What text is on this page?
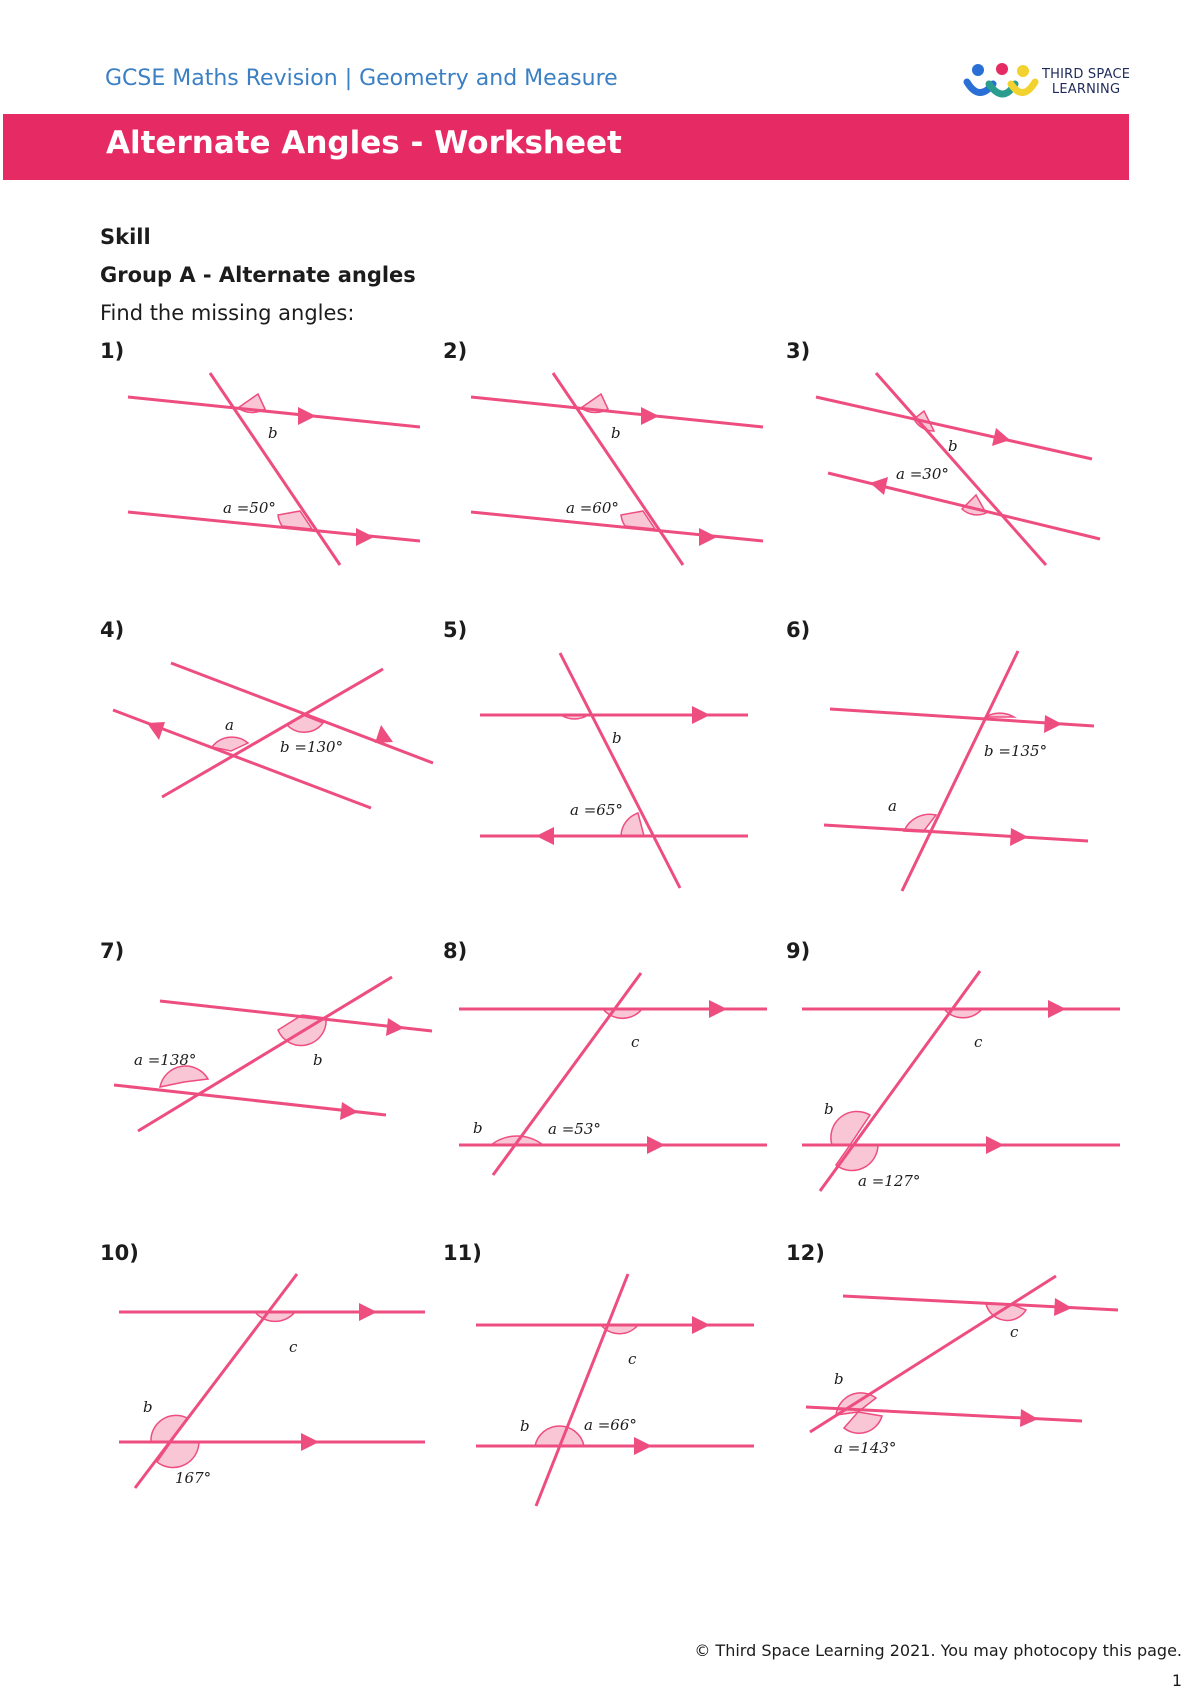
GCSE Maths Revision | Geometry and Measure	THIRD SPACE
LEARNING
Alternate Angles - Worksheet
Skill
Group A - Alternate angles
Find the missing angles:
1)	2)	3)
4)	5)	6)
7)	8)	9)
10)	11)	12)
b
a =50°
b
a =60°
b
a =30°
a
b =130°	b
a =65°
b =135°
a
a =138°	b
c
b	a =53°
c
b
a =127°
c
b
167°
c
b	a =66°
c
b
a =143°
© Third Space Learning 2021. You may photocopy this page.
1
